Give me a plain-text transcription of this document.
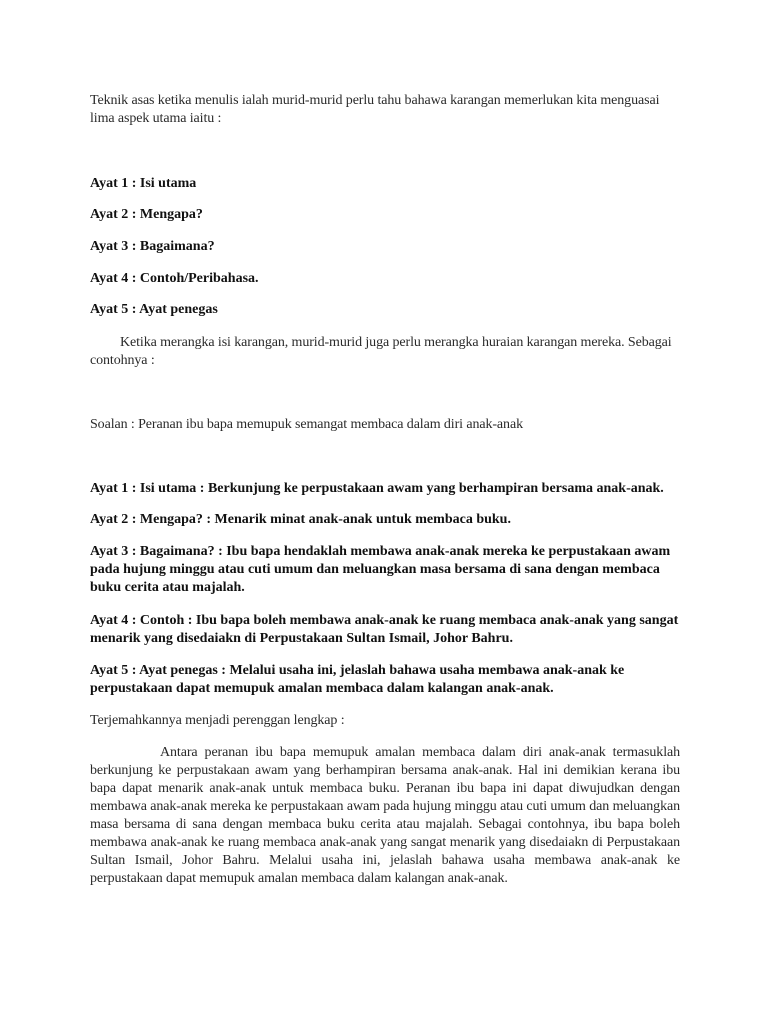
Teknik asas ketika menulis ialah murid-murid perlu tahu bahawa karangan memerlukan kita menguasai lima aspek utama iaitu :

Ayat 1 : Isi utama

Ayat 2 : Mengapa?

Ayat 3 : Bagaimana?

Ayat 4 : Contoh/Peribahasa.

Ayat 5 : Ayat penegas

Ketika merangka isi karangan, murid-murid juga perlu merangka huraian karangan mereka. Sebagai contohnya :

Soalan : Peranan ibu bapa memupuk semangat membaca dalam diri anak-anak

Ayat 1 : Isi utama : Berkunjung ke perpustakaan awam yang berhampiran bersama anak-anak.

Ayat 2 : Mengapa? : Menarik minat anak-anak untuk membaca buku.

Ayat 3 : Bagaimana? : Ibu bapa hendaklah membawa anak-anak mereka ke perpustakaan awam pada hujung minggu atau cuti umum dan meluangkan masa bersama di sana dengan membaca buku cerita atau majalah.

Ayat 4 : Contoh : Ibu bapa boleh membawa anak-anak ke ruang membaca anak-anak yang sangat menarik yang disedaiakn di Perpustakaan Sultan Ismail, Johor Bahru.

Ayat 5 : Ayat penegas : Melalui usaha ini, jelaslah bahawa usaha membawa anak-anak ke perpustakaan dapat memupuk amalan membaca dalam kalangan anak-anak.

Terjemahkannya menjadi perenggan lengkap :

Antara peranan ibu bapa memupuk amalan membaca dalam diri anak-anak termasuklah berkunjung ke perpustakaan awam yang berhampiran bersama anak-anak. Hal ini demikian kerana ibu bapa dapat menarik anak-anak untuk membaca buku. Peranan ibu bapa ini dapat diwujudkan dengan membawa anak-anak mereka ke perpustakaan awam pada hujung minggu atau cuti umum dan meluangkan masa bersama di sana dengan membaca buku cerita atau majalah. Sebagai contohnya, ibu bapa boleh membawa anak-anak ke ruang membaca anak-anak yang sangat menarik yang disedaiakn di Perpustakaan Sultan Ismail, Johor Bahru. Melalui usaha ini, jelaslah bahawa usaha membawa anak-anak ke perpustakaan dapat memupuk amalan membaca dalam kalangan anak-anak.
